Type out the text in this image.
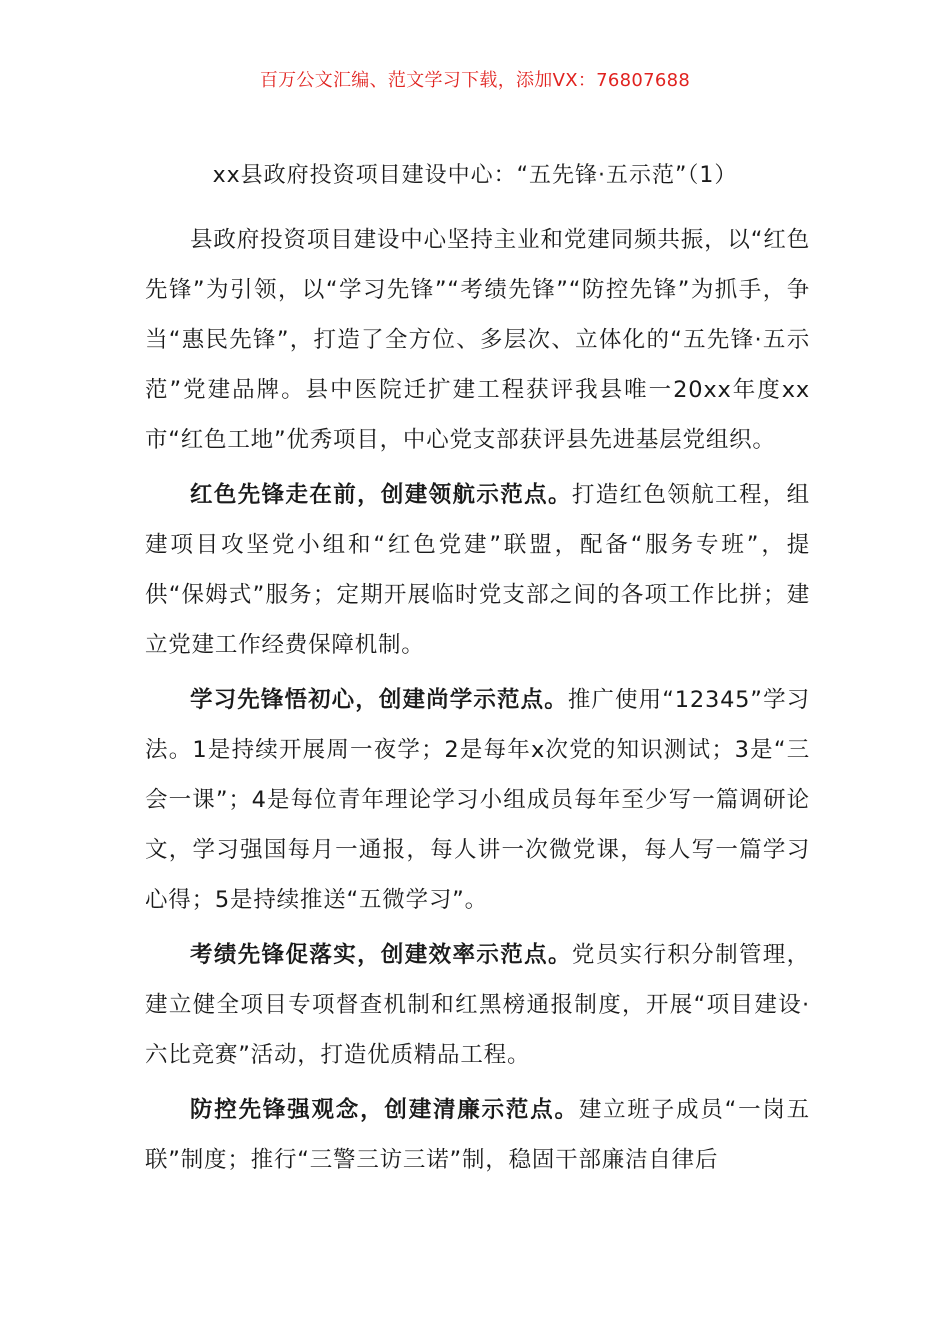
百万公文汇编、范文学习下载，添加VX：76807688
xx县政府投资项目建设中心：“五先锋·五示范”（1）

县政府投资项目建设中心坚持主业和党建同频共振，以“红色先锋”为引领，以“学习先锋”“考绩先锋”“防控先锋”为抓手，争当“惠民先锋”，打造了全方位、多层次、立体化的“五先锋·五示范”党建品牌。县中医院迁扩建工程获评我县唯一20xx年度xx市“红色工地”优秀项目，中心党支部获评县先进基层党组织。

红色先锋走在前，创建领航示范点。打造红色领航工程，组建项目攻坚党小组和“红色党建”联盟，配备“服务专班”，提供“保姆式”服务；定期开展临时党支部之间的各项工作比拼；建立党建工作经费保障机制。

学习先锋悟初心，创建尚学示范点。推广使用“12345”学习法。1是持续开展周一夜学；2是每年x次党的知识测试；3是“三会一课”；4是每位青年理论学习小组成员每年至少写一篇调研论文，学习强国每月一通报，每人讲一次微党课，每人写一篇学习心得；5是持续推送“五微学习”。

考绩先锋促落实，创建效率示范点。党员实行积分制管理，建立健全项目专项督查机制和红黑榜通报制度，开展“项目建设·六比竞赛”活动，打造优质精品工程。

防控先锋强观念，创建清廉示范点。建立班子成员“一岗五联”制度；推行“三警三访三诺”制，稳固干部廉洁自律后
